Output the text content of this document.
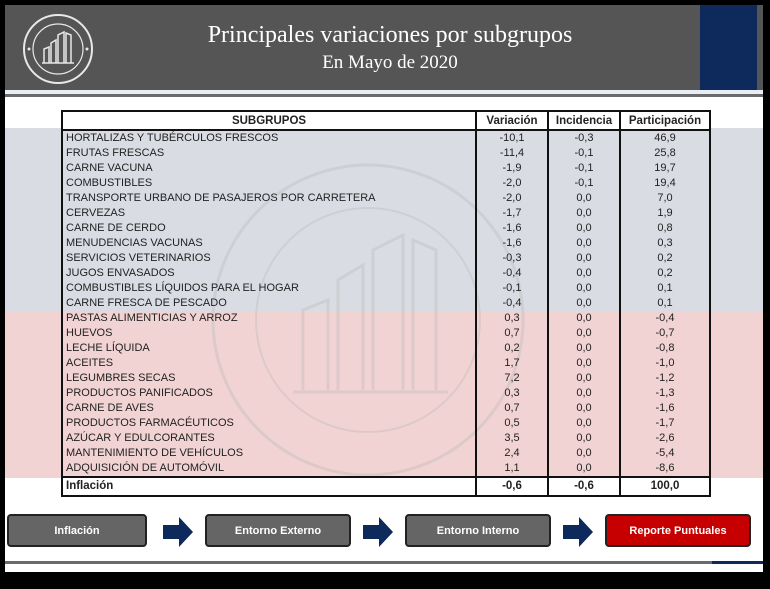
Principales variaciones por subgrupos
En Mayo de 2020
SUBGRUPOS	Variación	Incidencia	Participación
HORTALIZAS Y TUBÉRCULOS FRESCOS	-10,1	-0,3	46,9
FRUTAS FRESCAS	-11,4	-0,1	25,8
CARNE VACUNA	-1,9	-0,1	19,7
COMBUSTIBLES	-2,0	-0,1	19,4
TRANSPORTE URBANO DE PASAJEROS POR CARRETERA	-2,0	0,0	7,0
CERVEZAS	-1,7	0,0	1,9
CARNE DE CERDO	-1,6	0,0	0,8
MENUDENCIAS VACUNAS	-1,6	0,0	0,3
SERVICIOS VETERINARIOS	-0,3	0,0	0,2
JUGOS ENVASADOS	-0,4	0,0	0,2
COMBUSTIBLES LÍQUIDOS PARA EL HOGAR	-0,1	0,0	0,1
CARNE FRESCA DE PESCADO	-0,4	0,0	0,1
PASTAS ALIMENTICIAS Y ARROZ	0,3	0,0	-0,4
HUEVOS	0,7	0,0	-0,7
LECHE LÍQUIDA	0,2	0,0	-0,8
ACEITES	1,7	0,0	-1,0
LEGUMBRES SECAS	7,2	0,0	-1,2
PRODUCTOS PANIFICADOS	0,3	0,0	-1,3
CARNE DE AVES	0,7	0,0	-1,6
PRODUCTOS FARMACÉUTICOS	0,5	0,0	-1,7
AZÚCAR Y EDULCORANTES	3,5	0,0	-2,6
MANTENIMIENTO DE VEHÍCULOS	2,4	0,0	-5,4
ADQUISICIÓN DE AUTOMÓVIL	1,1	0,0	-8,6
Inflación	-0,6	-0,6	100,0
Inflación	Entorno Externo	Entorno Interno	Reporte Puntuales
